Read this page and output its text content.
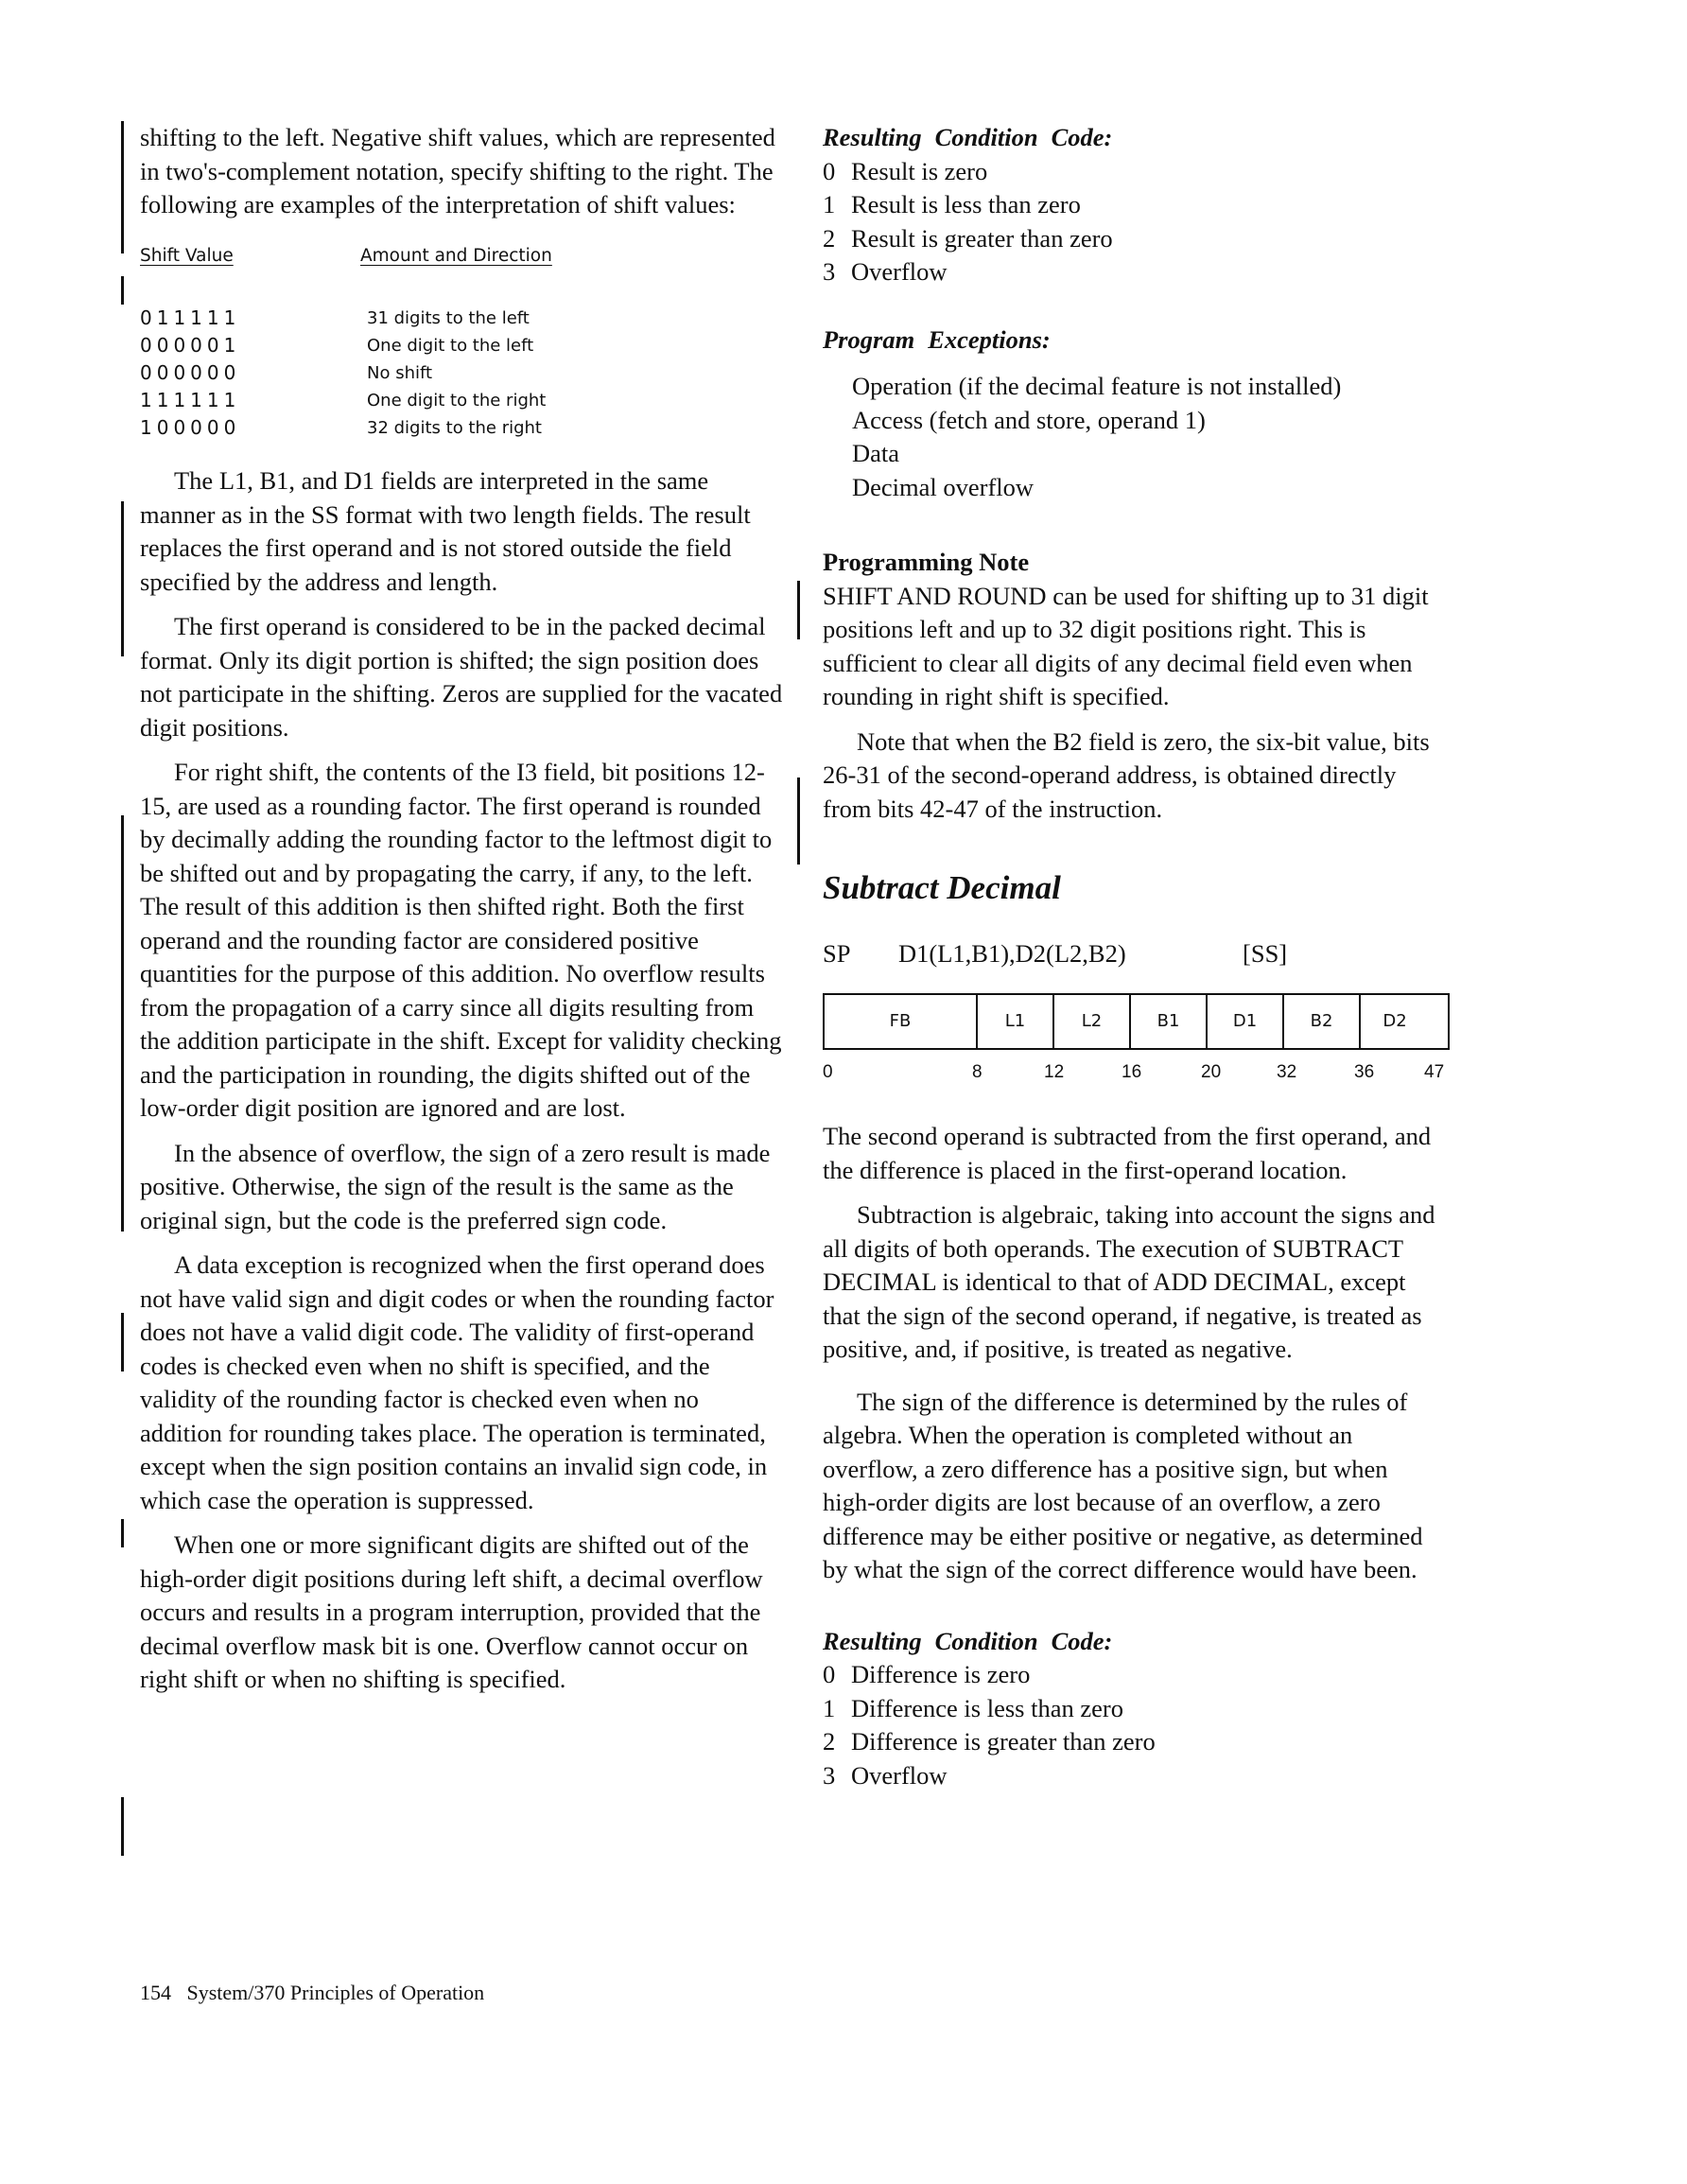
shifting to the left. Negative shift values, which are represented in two's-complement notation, specify shifting to the right. The following are examples of the interpretation of shift values:

Shift Value	Amount and Direction
011111	31 digits to the left
000001	One digit to the left
000000	No shift
111111	One digit to the right
100000	32 digits to the right

The L1, B1, and D1 fields are interpreted in the same manner as in the SS format with two length fields. The result replaces the first operand and is not stored outside the field specified by the address and length.

The first operand is considered to be in the packed decimal format. Only its digit portion is shifted; the sign position does not participate in the shifting. Zeros are supplied for the vacated digit positions.

For right shift, the contents of the I3 field, bit positions 12-15, are used as a rounding factor. The first operand is rounded by decimally adding the rounding factor to the leftmost digit to be shifted out and by propagating the carry, if any, to the left. The result of this addition is then shifted right. Both the first operand and the rounding factor are considered positive quantities for the purpose of this addition. No overflow results from the propagation of a carry since all digits resulting from the addition participate in the shift. Except for validity checking and the participation in rounding, the digits shifted out of the low-order digit position are ignored and are lost.

In the absence of overflow, the sign of a zero result is made positive. Otherwise, the sign of the result is the same as the original sign, but the code is the preferred sign code.

A data exception is recognized when the first operand does not have valid sign and digit codes or when the rounding factor does not have a valid digit code. The validity of first-operand codes is checked even when no shift is specified, and the validity of the rounding factor is checked even when no addition for rounding takes place. The operation is terminated, except when the sign position contains an invalid sign code, in which case the operation is suppressed.

When one or more significant digits are shifted out of the high-order digit positions during left shift, a decimal overflow occurs and results in a program interruption, provided that the decimal overflow mask bit is one. Overflow cannot occur on right shift or when no shifting is specified.

Resulting Condition Code:

0 Result is zero
1 Result is less than zero
2 Result is greater than zero
3 Overflow

Program Exceptions:

Operation (if the decimal feature is not installed)
Access (fetch and store, operand 1)
Data
Decimal overflow

Programming Note

SHIFT AND ROUND can be used for shifting up to 31 digit positions left and up to 32 digit positions right. This is sufficient to clear all digits of any decimal field even when rounding in right shift is specified.

Note that when the B2 field is zero, the six-bit value, bits 26-31 of the second-operand address, is obtained directly from bits 42-47 of the instruction.

Subtract Decimal
SP	D1(L1,B1),D2(L2,B2)	[SS]
FB	L1	L2	B1	D1	B2	D2
0	8	12	16	20	32	36	47

The second operand is subtracted from the first operand, and the difference is placed in the first-operand location.

Subtraction is algebraic, taking into account the signs and all digits of both operands. The execution of SUBTRACT DECIMAL is identical to that of ADD DECIMAL, except that the sign of the second operand, if negative, is treated as positive, and, if positive, is treated as negative.

The sign of the difference is determined by the rules of algebra. When the operation is completed without an overflow, a zero difference has a positive sign, but when high-order digits are lost because of an overflow, a zero difference may be either positive or negative, as determined by what the sign of the correct difference would have been.

Resulting Condition Code:

0 Difference is zero
1 Difference is less than zero
2 Difference is greater than zero
3 Overflow
154   System/370 Principles of Operation
